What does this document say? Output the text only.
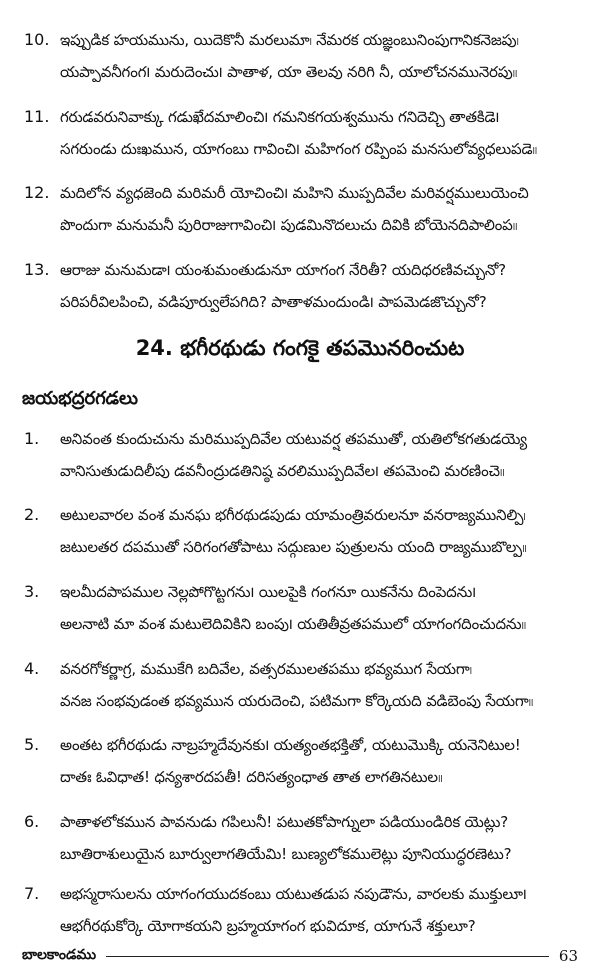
10. ఇప్పుడిక హయమును, యిదెకొనీ మరలుమా၊ నేమరక యజ్ఞంబునింపుగానికనెజపు၊
యప్పావనీగంగ౹ మరుదెంచు౹ పాతాళ, యా తెలవు నరిగి నీ, యాలోచనమునెరపు။
11. గరుడవరునివాక్కు గడుఖేదమాలించి౹ గమనికగయశ్వమును గనిదెచ్చి తాతకిడె౹
సగరుండు దుఃఖమున, యాగంబు గావించి౹ మహిగంగ రప్పింప మనసులోవ్యధలుపడె။
12. మదిలోన వ్యధజెంది మరిమరీ యోచించి౹ మహిని ముప్పదివేల మరివర్షములుయెంచి
పొందుగా మనుమనీ పురిరాజుగావించి౹ పుడమినొదలుచు దివికి బోయెనదిపాలింప။
13. ఆరాజు మనుమడా౹ యంశుమంతుడునూ యాగంగ నేరితీ? యదిధరణివచ్చునో?
పరిపరీవిలపించి, వడిపూర్వులేపగిది? పాతాళమందుండి౹ పాపమెడజొచ్చునో?
24. భగీరథుడు గంగకై తపమొనరించుట
జయభద్రరగడలు
1.	అనివంత కుందుచును మరిముప్పదివేల యటువర్ష తపముతో, యతిలోకగతుడయ్యె
వానిసుతుడుదిలీపు డవనీంద్రుడతినిష్ఠ వరలిముప్పదివేల౹ తపమెంచి మరణించె။
2.	అటులవారల వంశ మనఘ భగీరథుడపుడు యామంత్రివరులనూ వనరాజ్యమునిల్పి၊
జటులతర దపముతో సరిగంగతోపాటు సద్గుణుల పుత్రులను యంది రాజ్యముబొల్ప။
3.	ఇలమీదపాపముల నెల్లపోగొట్టగను౹ యిలపైకి గంగనూ యికనేను దింపెదను౹
అలనాటి మా వంశ మటులెదివికిని బంపు౹ యతితీవ్రతపములో యాగంగదించుదను။
4.	వనరగోకర్ణాగ్ర, మముకేగి బదివేల, వత్సరములతపము భవ్యముగ సేయగా၊
వనజ సంభవుడంత భవ్యమున యరుదెంచి, పటిమగా కోర్కెయది వడిబెంపు సేయగా။
5.	అంతట భగీరథుడు నాబ్రహ్మదేవునకు౹ యత్యంతభక్తితో, యటుమొక్కి యనెనిటుల!
దాతః ఓవిధాత! ధన్యశారదపతీ! దరిసత్యంధాత తాత లాగతినటుల။
6.	పాతాళలోకమున పావనుడు గపిలునీ! పటుతకోపాగ్నులా పడియుండిరిక యెట్లు?
బూతిరాశులుయైన బూర్వులాగతియేమి! బుణ్యలోకములెట్లు పూనియుద్ధరణెటు?
7.	అభస్మరాసులను యాగంగయుదకంబు యటుతడుప నపుడౌను, వారలకు ముక్తులూ౹
ఆభగీరథుకోర్కె యోగాకయని బ్రహ్మయాగంగ భువిదూక, యాగునే శక్తులూ?
బాలకాండము	63
